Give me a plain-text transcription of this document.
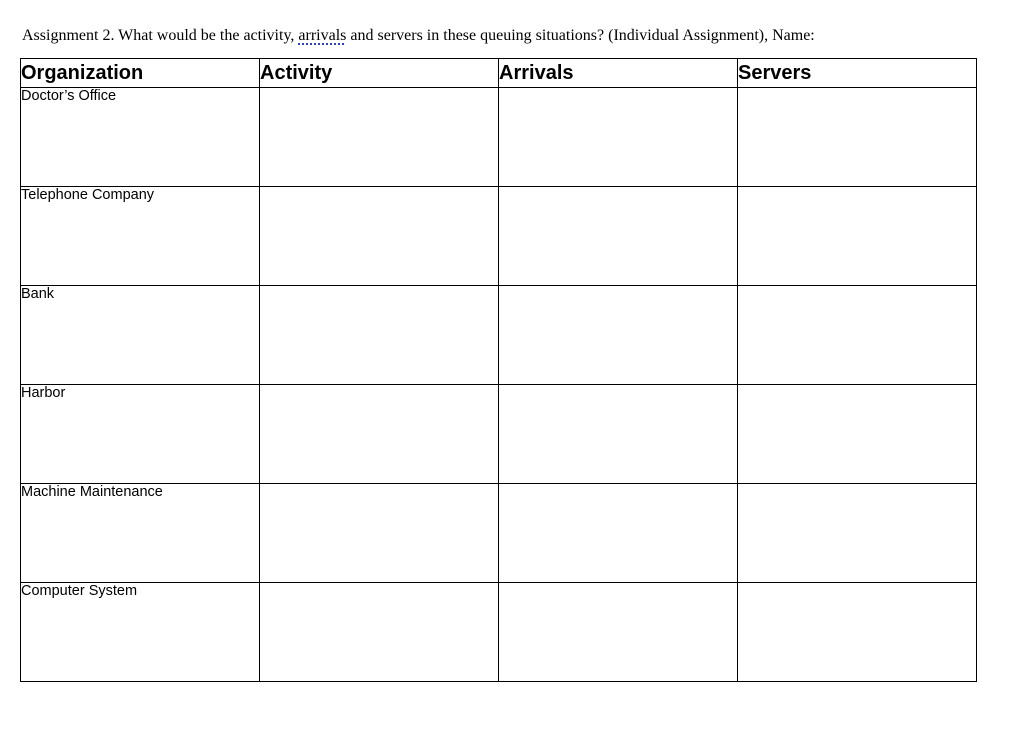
Assignment 2. What would be the activity, arrivals and servers in these queuing situations? (Individual Assignment), Name:
Organization	Activity	Arrivals	Servers
Doctor’s Office			
Telephone Company			
Bank			
Harbor			
Machine Maintenance			
Computer System			
